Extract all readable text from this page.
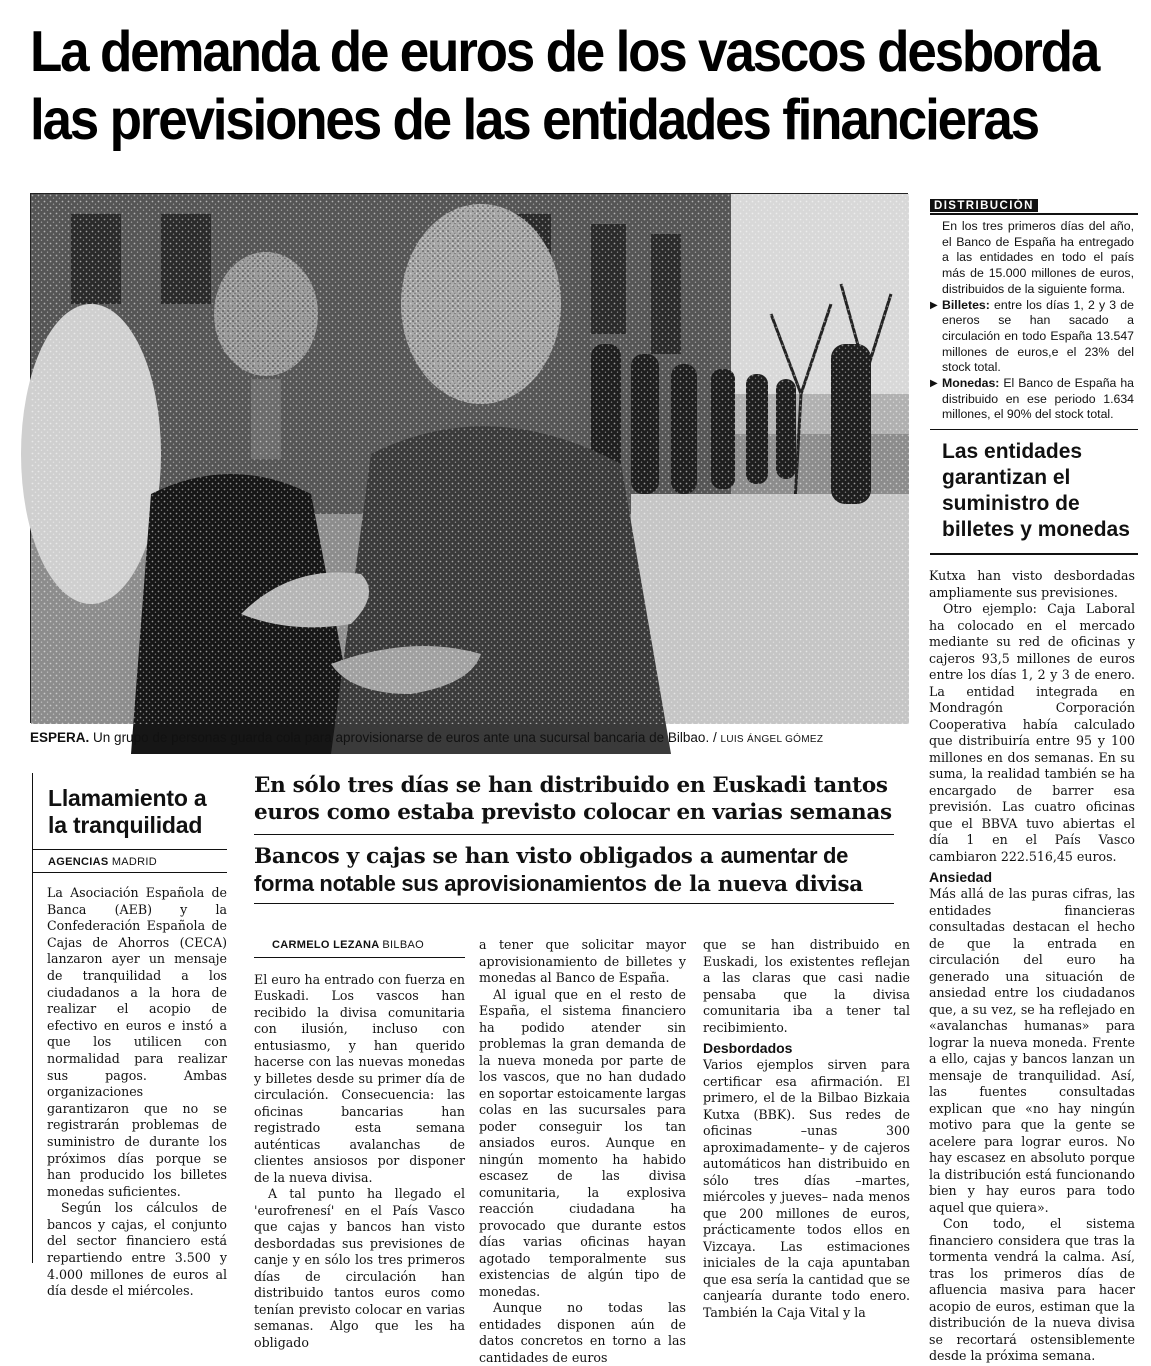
La demanda de euros de los vascos desborda
las previsiones de las entidades financieras
ESPERA. Un grupo de personas guarda cola para aprovisionarse de euros ante una sucursal bancaria de Bilbao. / LUIS ÁNGEL GÓMEZ
DISTRIBUCIÓN

En los tres primeros días del año, el Banco de España ha entregado a las entidades en todo el país más de 15.000 millones de euros, distribuidos de la siguiente forma.

▶ Billetes: entre los días 1, 2 y 3 de eneros se han sacado a circulación en todo España 13.547 millones de euros,e el 23% del stock total.

▶ Monedas: El Banco de España ha distribuido en ese periodo 1.634 millones, el 90% del stock total.

Las entidades garantizan el suministro de billetes y monedas
Llamamiento a la tranquilidad
AGENCIAS MADRID

La Asociación Española de Banca (AEB) y la Confederación Española de Cajas de Ahorros (CECA) lanzaron ayer un mensaje de tranquilidad a los ciudadanos a la hora de realizar el acopio de efectivo en euros e instó a que los utilicen con normalidad para realizar sus pagos. Ambas organizaciones garantizaron que no se registrarán problemas de suministro de durante los próximos días porque se han producido los billetes monedas suficientes.

Según los cálculos de bancos y cajas, el conjunto del sector financiero está repartiendo entre 3.500 y 4.000 millones de euros al día desde el miércoles.

En sólo tres días se han distribuido en Euskadi tantos euros como estaba previsto colocar en varias semanas
Bancos y cajas se han visto obligados a aumentar de forma notable sus aprovisionamientos de la nueva divisa
CARMELO LEZANA BILBAO

El euro ha entrado con fuerza en Euskadi. Los vascos han recibido la divisa comunitaria con ilusión, incluso con entusiasmo, y han querido hacerse con las nuevas monedas y billetes desde su primer día de circulación. Consecuencia: las oficinas bancarias han registrado esta semana auténticas avalanchas de clientes ansiosos por disponer de la nueva divisa.

A tal punto ha llegado el 'eurofrenesí' en el País Vasco que cajas y bancos han visto desbordadas sus previsiones de canje y en sólo los tres primeros días de circulación han distribuido tantos euros como tenían previsto colocar en varias semanas. Algo que les ha obligado

a tener que solicitar mayor aprovisionamiento de billetes y monedas al Banco de España.

Al igual que en el resto de España, el sistema financiero ha podido atender sin problemas la gran demanda de la nueva moneda por parte de los vascos, que no han dudado en soportar estoicamente largas colas en las sucursales para poder conseguir los tan ansiados euros. Aunque en ningún momento ha habido escasez de las divisa comunitaria, la explosiva reacción ciudadana ha provocado que durante estos días varias oficinas hayan agotado temporalmente sus existencias de algún tipo de monedas.

Aunque no todas las entidades disponen aún de datos concretos en torno a las cantidades de euros

que se han distribuido en Euskadi, los existentes reflejan a las claras que casi nadie pensaba que la divisa comunitaria iba a tener tal recibimiento.

Desbordados

Varios ejemplos sirven para certificar esa afirmación. El primero, el de la Bilbao Bizkaia Kutxa (BBK). Sus redes de oficinas –unas 300 aproximadamente– y de cajeros automáticos han distribuido en sólo tres días –martes, miércoles y jueves– nada menos que 200 millones de euros, prácticamente todos ellos en Vizcaya. Las estimaciones iniciales de la caja apuntaban que esa sería la cantidad que se canjearía durante todo enero. También la Caja Vital y la

Kutxa han visto desbordadas ampliamente sus previsiones.

Otro ejemplo: Caja Laboral ha colocado en el mercado mediante su red de oficinas y cajeros 93,5 millones de euros entre los días 1, 2 y 3 de enero. La entidad integrada en Mondragón Corporación Cooperativa había calculado que distribuiría entre 95 y 100 millones en dos semanas. En su suma, la realidad también se ha encargado de barrer esa previsión. Las cuatro oficinas que el BBVA tuvo abiertas el día 1 en el País Vasco cambiaron 222.516,45 euros.

Ansiedad

Más allá de las puras cifras, las entidades financieras consultadas destacan el hecho de que la entrada en circulación del euro ha generado una situación de ansiedad entre los ciudadanos que, a su vez, se ha reflejado en «avalanchas humanas» para lograr la nueva moneda. Frente a ello, cajas y bancos lanzan un mensaje de tranquilidad. Así, las fuentes consultadas explican que «no hay ningún motivo para que la gente se acelere para lograr euros. No hay escasez en absoluto porque la distribución está funcionando bien y hay euros para todo aquel que quiera».

Con todo, el sistema financiero considera que tras la tormenta vendrá la calma. Así, tras los primeros días de afluencia masiva para hacer acopio de euros, estiman que la distribución de la nueva divisa se recortará ostensiblemente desde la próxima semana.
